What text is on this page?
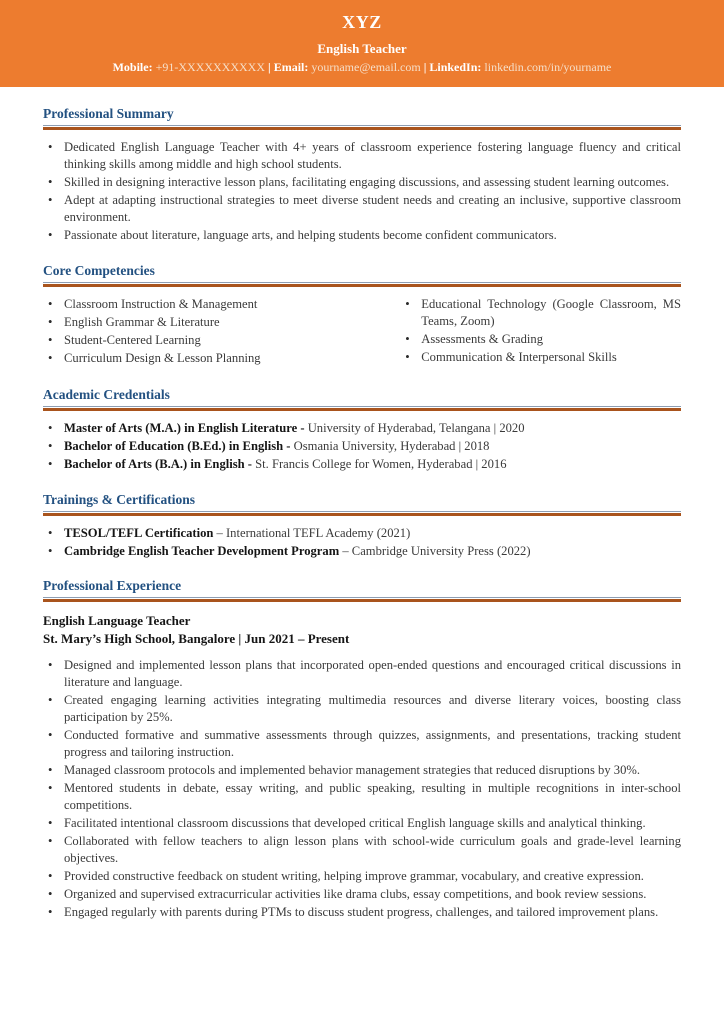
XYZ
English Teacher
Mobile: +91-XXXXXXXXXX | Email: yourname@email.com | LinkedIn: linkedin.com/in/yourname
Professional Summary
• Dedicated English Language Teacher with 4+ years of classroom experience fostering language fluency and critical thinking skills among middle and high school students.
• Skilled in designing interactive lesson plans, facilitating engaging discussions, and assessing student learning outcomes.
• Adept at adapting instructional strategies to meet diverse student needs and creating an inclusive, supportive classroom environment.
• Passionate about literature, language arts, and helping students become confident communicators.
Core Competencies
• Classroom Instruction & Management
• English Grammar & Literature
• Student-Centered Learning
• Curriculum Design & Lesson Planning
• Educational Technology (Google Classroom, MS Teams, Zoom)
• Assessments & Grading
• Communication & Interpersonal Skills
Academic Credentials
• Master of Arts (M.A.) in English Literature - University of Hyderabad, Telangana | 2020
• Bachelor of Education (B.Ed.) in English - Osmania University, Hyderabad | 2018
• Bachelor of Arts (B.A.) in English - St. Francis College for Women, Hyderabad | 2016
Trainings & Certifications
• TESOL/TEFL Certification – International TEFL Academy (2021)
• Cambridge English Teacher Development Program – Cambridge University Press (2022)
Professional Experience
English Language Teacher
St. Mary’s High School, Bangalore | Jun 2021 – Present
• Designed and implemented lesson plans that incorporated open-ended questions and encouraged critical discussions in literature and language.
• Created engaging learning activities integrating multimedia resources and diverse literary voices, boosting class participation by 25%.
• Conducted formative and summative assessments through quizzes, assignments, and presentations, tracking student progress and tailoring instruction.
• Managed classroom protocols and implemented behavior management strategies that reduced disruptions by 30%.
• Mentored students in debate, essay writing, and public speaking, resulting in multiple recognitions in inter-school competitions.
• Facilitated intentional classroom discussions that developed critical English language skills and analytical thinking.
• Collaborated with fellow teachers to align lesson plans with school-wide curriculum goals and grade-level learning objectives.
• Provided constructive feedback on student writing, helping improve grammar, vocabulary, and creative expression.
• Organized and supervised extracurricular activities like drama clubs, essay competitions, and book review sessions.
• Engaged regularly with parents during PTMs to discuss student progress, challenges, and tailored improvement plans.
